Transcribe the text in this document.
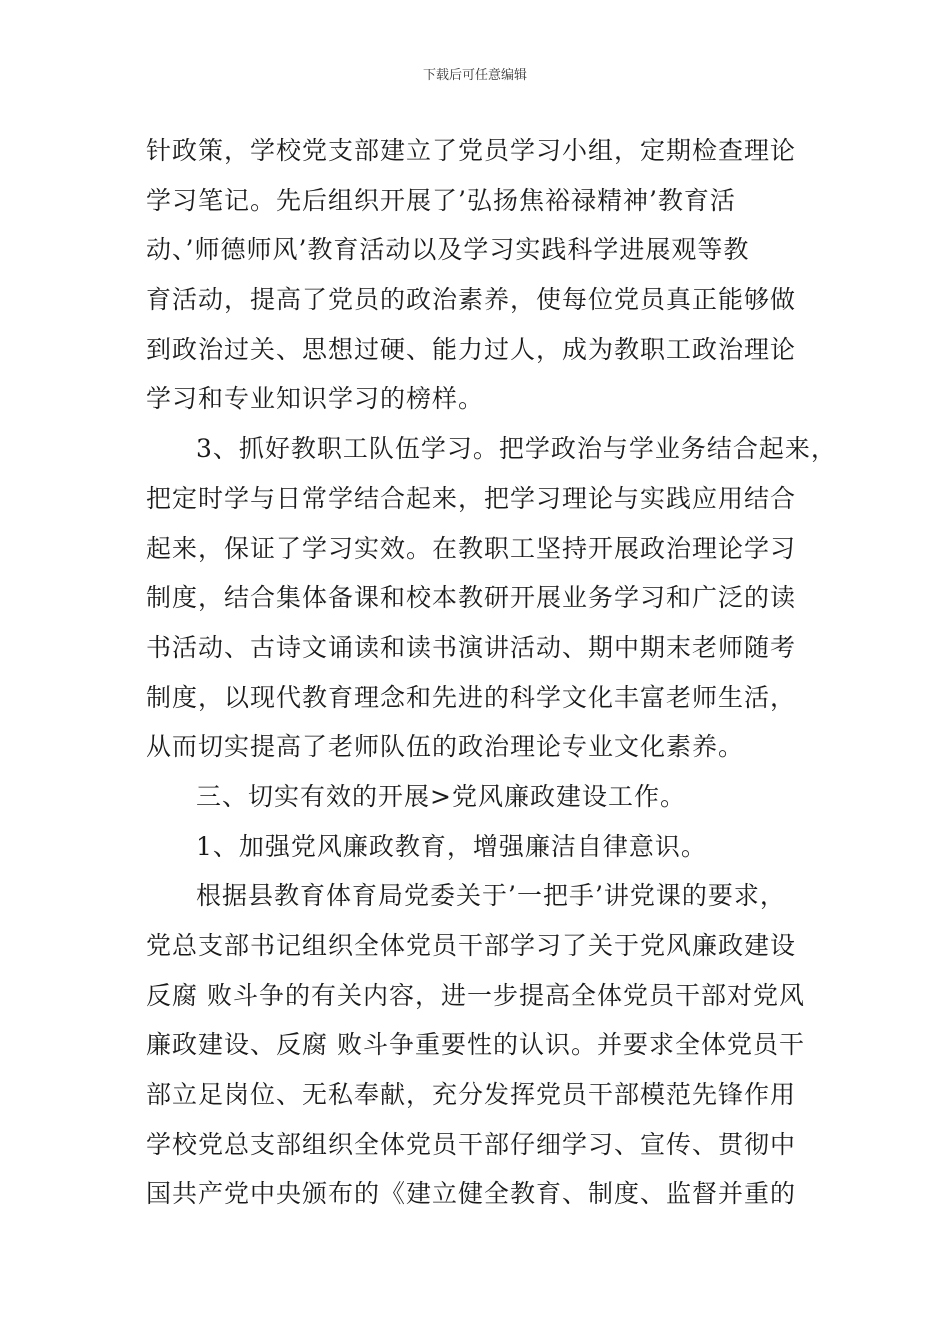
下载后可任意编辑
针政策，学校党支部建立了党员学习小组，定期检查理论
学习笔记。先后组织开展了’弘扬焦裕禄精神’教育活
动、’师德师风’教育活动以及学习实践科学进展观等教
育活动，提高了党员的政治素养，使每位党员真正能够做
到政治过关、思想过硬、能力过人，成为教职工政治理论
学习和专业知识学习的榜样。
3、抓好教职工队伍学习。把学政治与学业务结合起来，
把定时学与日常学结合起来，把学习理论与实践应用结合
起来，保证了学习实效。在教职工坚持开展政治理论学习
制度，结合集体备课和校本教研开展业务学习和广泛的读
书活动、古诗文诵读和读书演讲活动、期中期末老师随考
制度，以现代教育理念和先进的科学文化丰富老师生活，
从而切实提高了老师队伍的政治理论专业文化素养。
三、切实有效的开展>党风廉政建设工作。
1、加强党风廉政教育，增强廉洁自律意识。
根据县教育体育局党委关于’一把手’讲党课的要求，
党总支部书记组织全体党员干部学习了关于党风廉政建设
反腐 败斗争的有关内容，进一步提高全体党员干部对党风
廉政建设、反腐 败斗争重要性的认识。并要求全体党员干
部立足岗位、无私奉献，充分发挥党员干部模范先锋作用
学校党总支部组织全体党员干部仔细学习、宣传、贯彻中
国共产党中央颁布的《建立健全教育、制度、监督并重的
